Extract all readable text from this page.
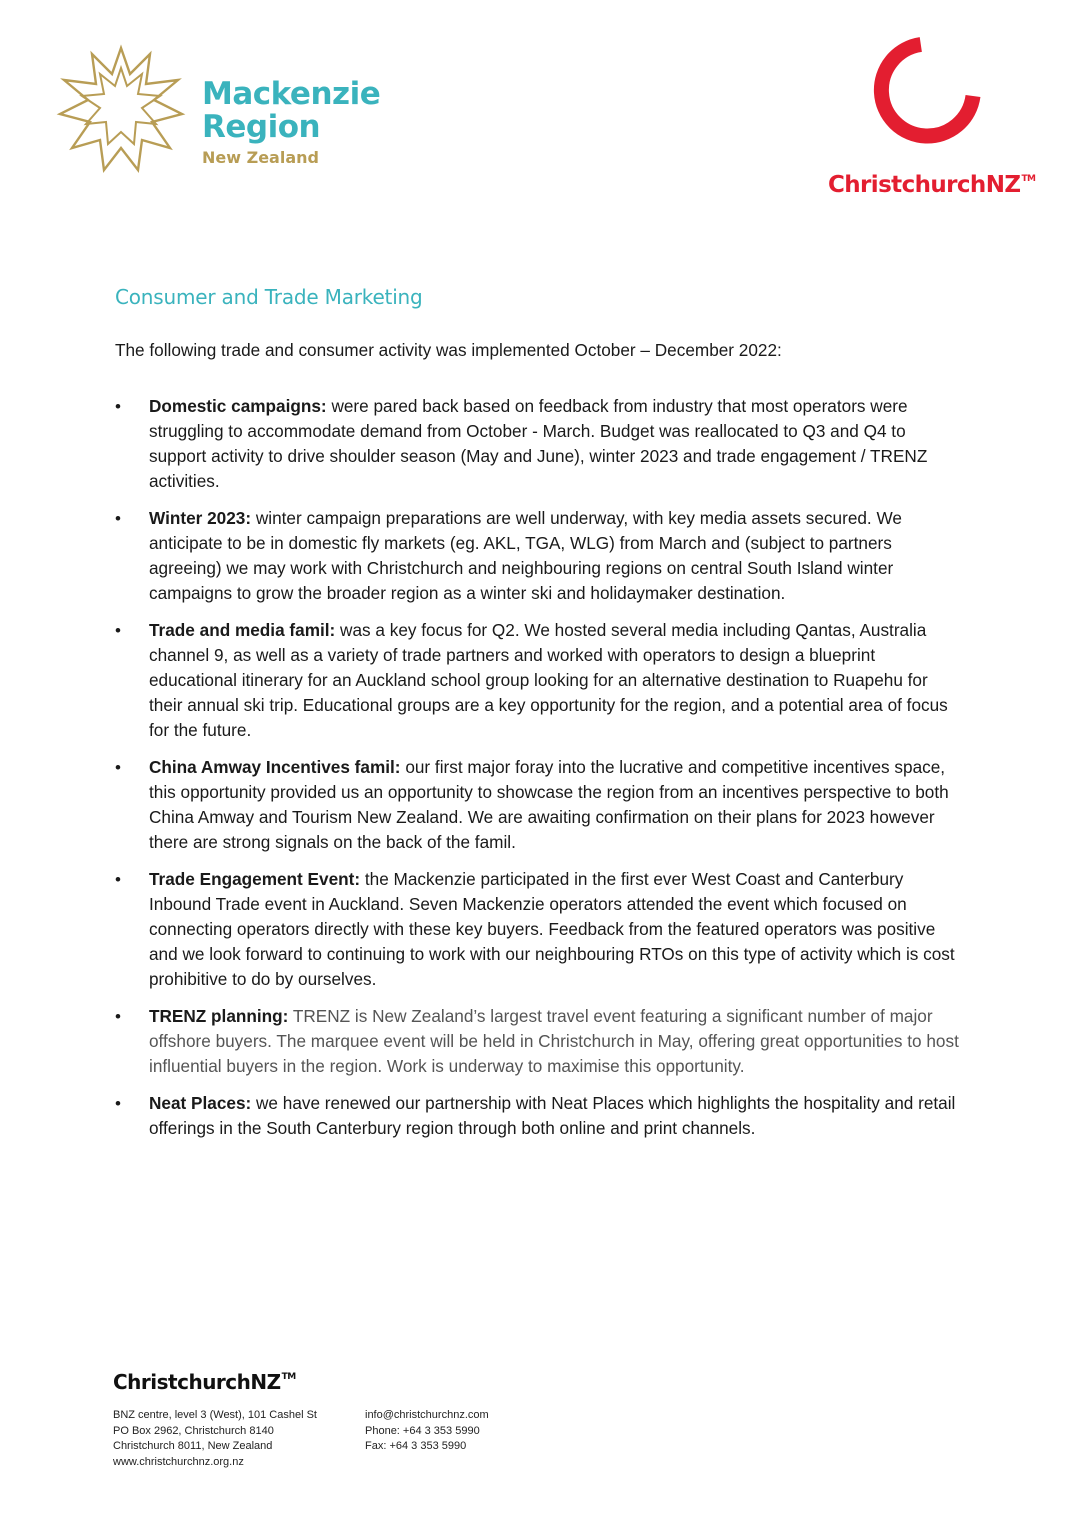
Mackenzie
Region
New Zealand
ChristchurchNZ™
Consumer and Trade Marketing

The following trade and consumer activity was implemented October – December 2022:

• Domestic campaigns: were pared back based on feedback from industry that most operators were struggling to accommodate demand from October - March. Budget was reallocated to Q3 and Q4 to support activity to drive shoulder season (May and June), winter 2023 and trade engagement / TRENZ activities.
• Winter 2023: winter campaign preparations are well underway, with key media assets secured. We anticipate to be in domestic fly markets (eg. AKL, TGA, WLG) from March and (subject to partners agreeing) we may work with Christchurch and neighbouring regions on central South Island winter campaigns to grow the broader region as a winter ski and holidaymaker destination.
• Trade and media famil: was a key focus for Q2. We hosted several media including Qantas, Australia channel 9, as well as a variety of trade partners and worked with operators to design a blueprint educational itinerary for an Auckland school group looking for an alternative destination to Ruapehu for their annual ski trip. Educational groups are a key opportunity for the region, and a potential area of focus for the future.
• China Amway Incentives famil: our first major foray into the lucrative and competitive incentives space, this opportunity provided us an opportunity to showcase the region from an incentives perspective to both China Amway and Tourism New Zealand. We are awaiting confirmation on their plans for 2023 however there are strong signals on the back of the famil.
• Trade Engagement Event: the Mackenzie participated in the first ever West Coast and Canterbury Inbound Trade event in Auckland. Seven Mackenzie operators attended the event which focused on connecting operators directly with these key buyers. Feedback from the featured operators was positive and we look forward to continuing to work with our neighbouring RTOs on this type of activity which is cost prohibitive to do by ourselves.
• TRENZ planning: TRENZ is New Zealand’s largest travel event featuring a significant number of major offshore buyers. The marquee event will be held in Christchurch in May, offering great opportunities to host influential buyers in the region. Work is underway to maximise this opportunity.
• Neat Places: we have renewed our partnership with Neat Places which highlights the hospitality and retail offerings in the South Canterbury region through both online and print channels.
ChristchurchNZ™
BNZ centre, level 3 (West), 101 Cashel St
PO Box 2962, Christchurch 8140
Christchurch 8011, New Zealand
www.christchurchnz.org.nz
info@christchurchnz.com
Phone: +64 3 353 5990
Fax: +64 3 353 5990
